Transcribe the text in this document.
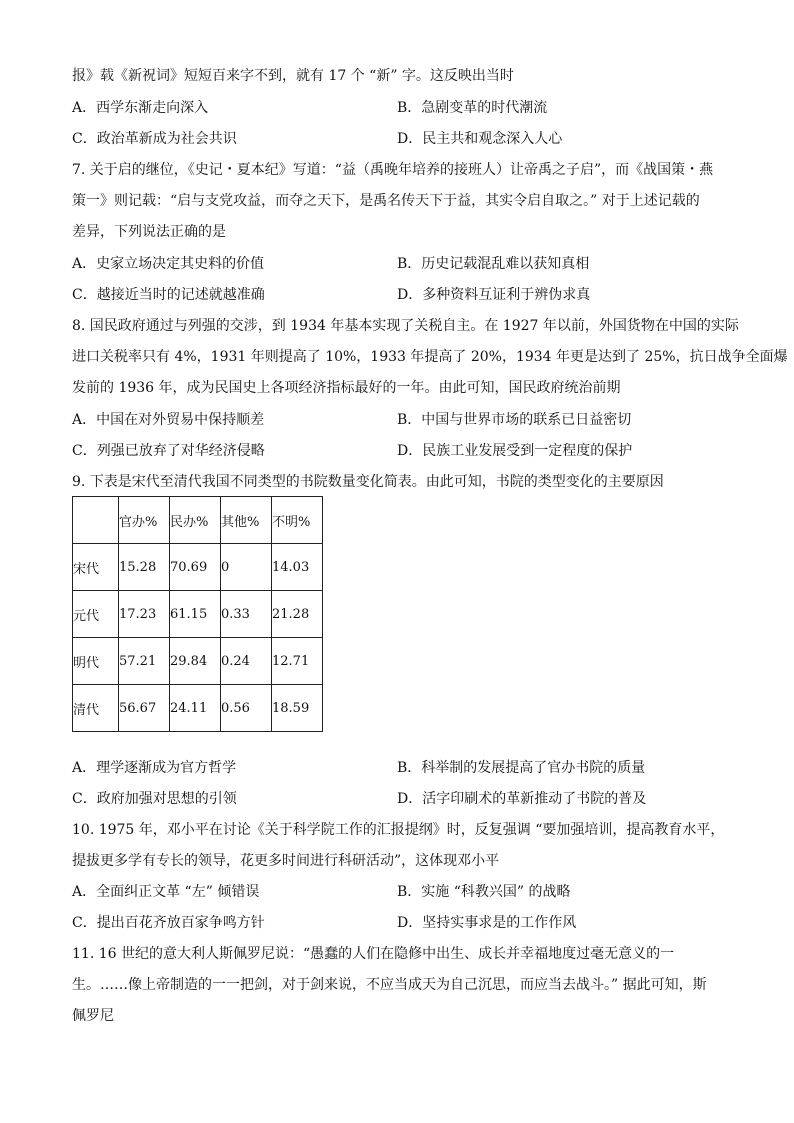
报》载《新祝词》短短百来字不到，就有 17 个 “新” 字。这反映出当时
A．西学东渐走向深入	B．急剧变革的时代潮流
C．政治革新成为社会共识	D．民主共和观念深入人心
7. 关于启的继位，《史记・夏本纪》写道：“益（禹晚年培养的接班人）让帝禹之子启”，而《战国策・燕
策一》则记载：“启与支党攻益，而夺之天下，是禹名传天下于益，其实令启自取之。” 对于上述记载的
差异，下列说法正确的是
A．史家立场决定其史料的价值	B．历史记载混乱难以获知真相
C．越接近当时的记述就越准确	D．多种资料互证利于辨伪求真
8. 国民政府通过与列强的交涉，到 1934 年基本实现了关税自主。在 1927 年以前，外国货物在中国的实际
进口关税率只有 4%，1931 年则提高了 10%，1933 年提高了 20%，1934 年更是达到了 25%，抗日战争全面爆
发前的 1936 年，成为民国史上各项经济指标最好的一年。由此可知，国民政府统治前期
A．中国在对外贸易中保持顺差	B．中国与世界市场的联系已日益密切
C．列强已放弃了对华经济侵略	D．民族工业发展受到一定程度的保护
9. 下表是宋代至清代我国不同类型的书院数量变化简表。由此可知，书院的类型变化的主要原因
	官办%	民办%	其他%	不明%
宋代	15.28	70.69	0	14.03
元代	17.23	61.15	0.33	21.28
明代	57.21	29.84	0.24	12.71
清代	56.67	24.11	0.56	18.59
A．理学逐渐成为官方哲学	B．科举制的发展提高了官办书院的质量
C．政府加强对思想的引领	D．活字印刷术的革新推动了书院的普及
10. 1975 年，邓小平在讨论《关于科学院工作的汇报提纲》时，反复强调 “要加强培训，提高教育水平，
提拔更多学有专长的领导，花更多时间进行科研活动”，这体现邓小平
A．全面纠正文革 “左” 倾错误	B．实施 “科教兴国” 的战略
C．提出百花齐放百家争鸣方针	D．坚持实事求是的工作作风
11. 16 世纪的意大利人斯佩罗尼说：“愚蠢的人们在隐修中出生、成长并幸福地度过毫无意义的一
生。……像上帝制造的一一把剑，对于剑来说，不应当成天为自己沉思，而应当去战斗。” 据此可知，斯
佩罗尼
